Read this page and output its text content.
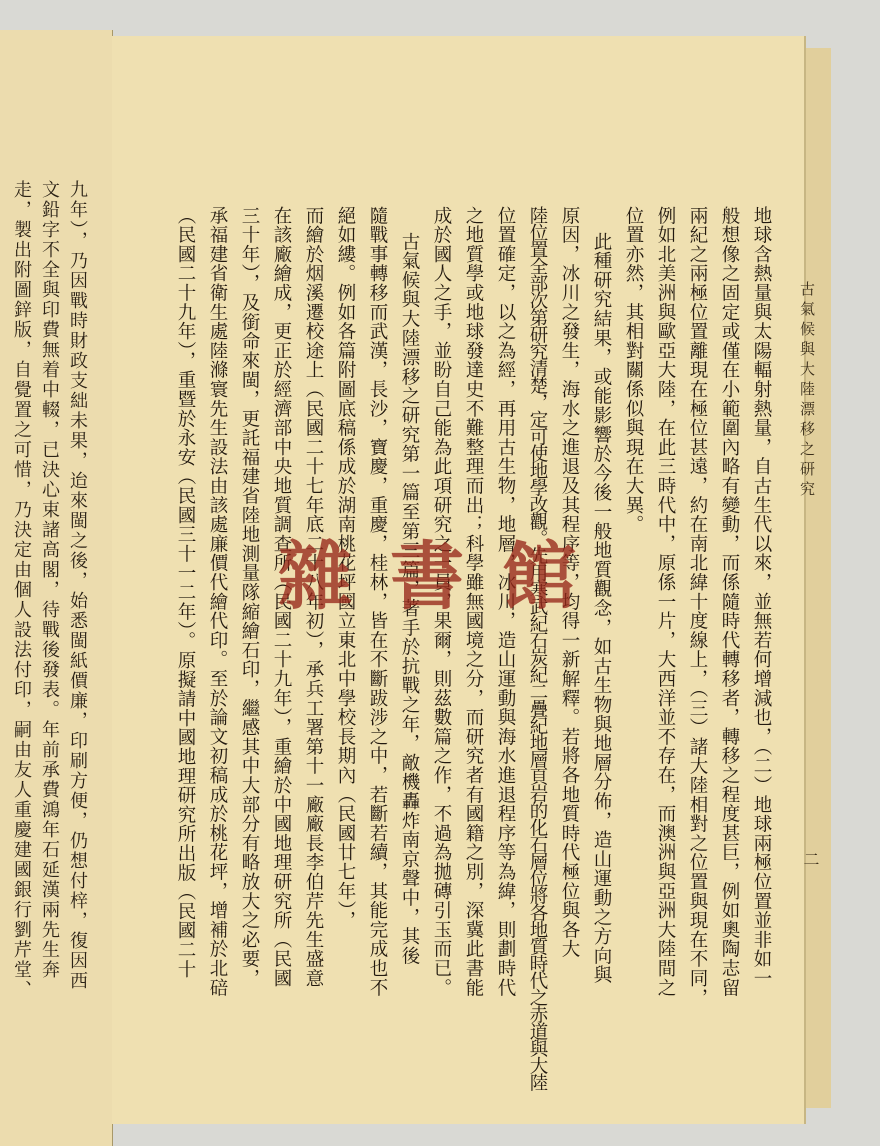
九年），乃因戰時財政支絀未果，迨來閩之後，始悉閩紙價廉，印刷方便，仍想付梓，復因西
文鉛字不全與印費無着中輟，已決心束諸高閣，待戰後發表。年前承費鴻年石延漢兩先生奔
走，製出附圖鋅版，自覺置之可惜，乃決定由個人設法付印，嗣由友人重慶建國銀行劉芹堂、	古氣候與大陸漂移之研究
二
地球含熱量與太陽輻射熱量，自古生代以來，並無若何增減也，（二）地球兩極位置並非如一
般想像之固定或僅在小範圍內略有變動，而係隨時代轉移者，轉移之程度甚巨，例如奧陶志留
兩紀之兩極位置離現在極位甚遠，約在南北緯十度線上，（三）諸大陸相對之位置與現在不同，
例如北美洲與歐亞大陸，在此三時代中，原係一片，大西洋並不存在，而澳洲與亞洲大陸間之
位置亦然，其相對關係似與現在大異。
此種研究結果，或能影響於今後一般地質觀念，如古生物與地層分佈，造山運動之方向與
原因，冰川之發生，海水之進退及其程序等，均得一新解釋。若將各地質時代極位與各大
陸位置全部次第研究清楚，定可使地學改觀。先用寒武紀石炭紀二疊紀地層頁岩的化石層位將各地質時代之赤道與大陸
位置確定，以之為經，再用古生物，地層，冰川，造山運動與海水進退程序等為緯，則劃時代
之地質學或地球發達史不難整理而出；科學雖無國境之分，而研究者有國籍之別，深冀此書能
成於國人之手，並盼自己能為此項研究之一員，果爾，則茲數篇之作，不過為拋磚引玉而已。
古氣候與大陸漂移之研究第一篇至第三篇，著手於抗戰之年，敵機轟炸南京聲中，其後
隨戰事轉移而武漢，長沙，寶慶，重慶，桂林，皆在不斷跋涉之中，若斷若續，其能完成也不
絕如縷。例如各篇附圖底稿係成於湖南桃花坪國立東北中學校長期內（民國廿七年），
而繪於烟溪遷校途上（民國二十七年底二十八年初），承兵工署第十一廠廠長李伯芹先生盛意
在該廠繪成，更正於經濟部中央地質調查所（民國二十九年），重繪於中國地理研究所（民國
三十年），及銜命來閩，更託福建省陸地測量隊縮繪石印，繼感其中大部分有略放大之必要，
承福建省衛生處陸滌寰先生設法由該處廉價代繪代印。至於論文初稿成於桃花坪，增補於北碚
（民國二十九年），重暨於永安（民國三十一二年）。原擬請中國地理研究所出版（民國二十 雜書館
